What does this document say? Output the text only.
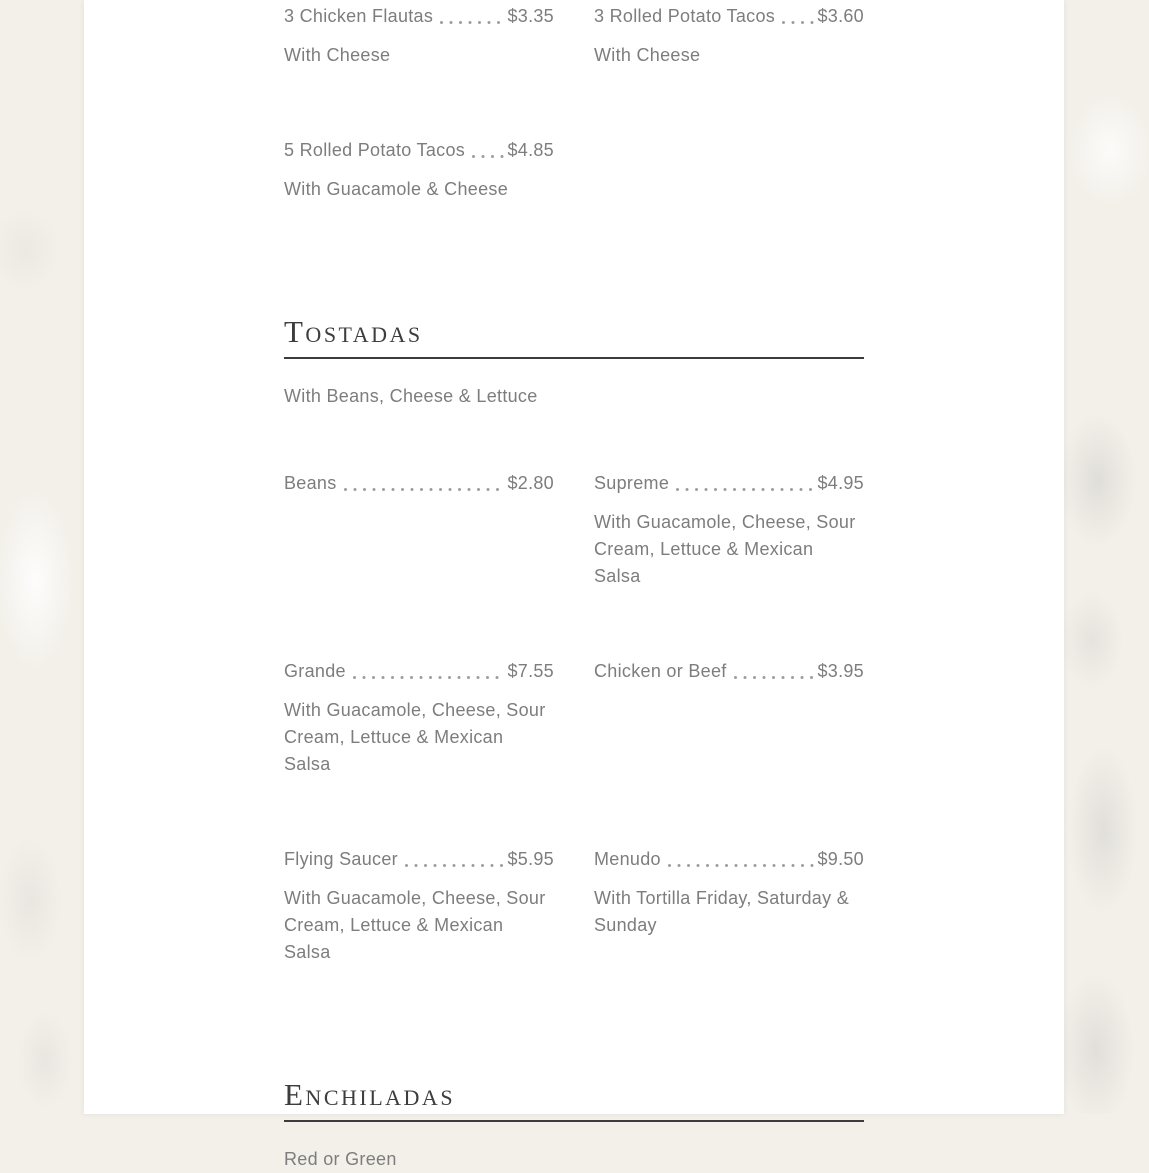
3 Chicken Flautas	$3.35

With Cheese

3 Rolled Potato Tacos $3.60

With Cheese

5 Rolled Potato Tacos $4.85

With Guacamole & Cheese

Tostadas

With Beans, Cheese & Lettuce

Beans	$2.80 Supreme	$4.95

With Guacamole, Cheese, Sour Cream, Lettuce & Mexican Salsa

Grande	$7.55

With Guacamole, Cheese, Sour Cream, Lettuce & Mexican Salsa

Chicken or Beef	$3.95
Flying Saucer	$5.95

With Guacamole, Cheese, Sour Cream, Lettuce & Mexican Salsa

Menudo	$9.50

With Tortilla Friday, Saturday & Sunday

Enchiladas

Red or Green
